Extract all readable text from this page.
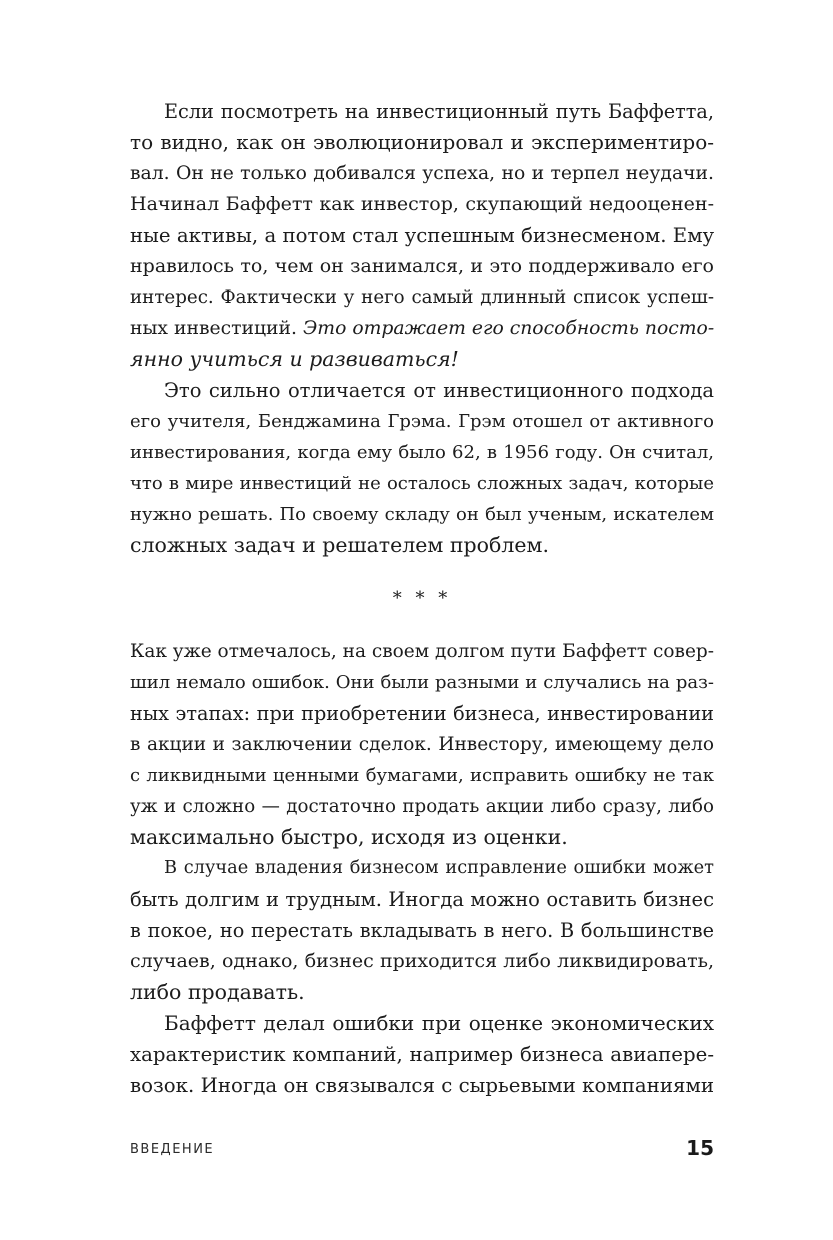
Если посмотреть на инвестиционный путь Баффетта,
то видно, как он эволюционировал и экспериментиро-
вал. Он не только добивался успеха, но и терпел неудачи.
Начинал Баффетт как инвестор, скупающий недооценен-
ные активы, а потом стал успешным бизнесменом. Ему
нравилось то, чем он занимался, и это поддерживало его
интерес. Фактически у него самый длинный список успеш-
ных инвестиций. Это отражает его способность посто-
янно учиться и развиваться!
Это сильно отличается от инвестиционного подхода
его учителя, Бенджамина Грэма. Грэм отошел от активного
инвестирования, когда ему было 62, в 1956 году. Он считал,
что в мире инвестиций не осталось сложных задач, которые
нужно решать. По своему складу он был ученым, искателем
сложных задач и решателем проблем.
* * *
Как уже отмечалось, на своем долгом пути Баффетт совер-
шил немало ошибок. Они были разными и случались на раз-
ных этапах: при приобретении бизнеса, инвестировании
в акции и заключении сделок. Инвестору, имеющему дело
с ликвидными ценными бумагами, исправить ошибку не так
уж и сложно — достаточно продать акции либо сразу, либо
максимально быстро, исходя из оценки.
В случае владения бизнесом исправление ошибки может
быть долгим и трудным. Иногда можно оставить бизнес
в покое, но перестать вкладывать в него. В большинстве
случаев, однако, бизнес приходится либо ликвидировать,
либо продавать.
Баффетт делал ошибки при оценке экономических
характеристик компаний, например бизнеса авиапере-
возок. Иногда он связывался с сырьевыми компаниями
ВВЕДЕНИЕ	15
